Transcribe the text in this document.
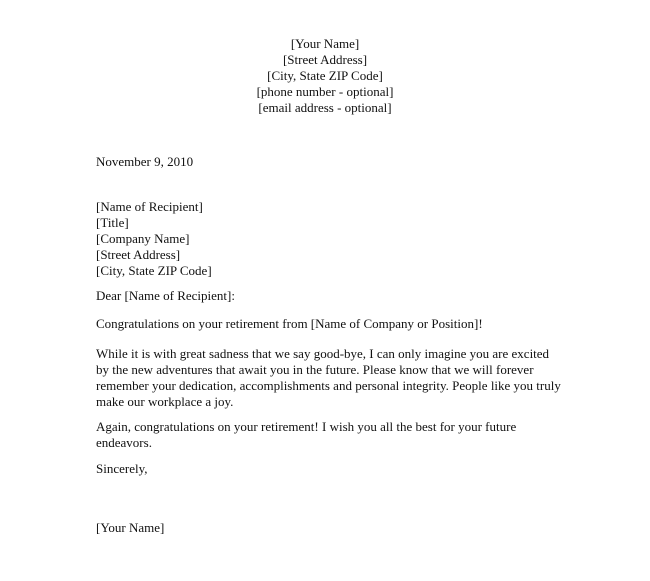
[Your Name]
[Street Address]
[City, State ZIP Code]
[phone number - optional]
[email address - optional]
November 9, 2010
[Name of Recipient]
[Title]
[Company Name]
[Street Address]
[City, State ZIP Code]
Dear [Name of Recipient]:
Congratulations on your retirement from [Name of Company or Position]!
While it is with great sadness that we say good-bye, I can only imagine you are excited
by the new adventures that await you in the future. Please know that we will forever
remember your dedication, accomplishments and personal integrity. People like you truly
make our workplace a joy.
Again, congratulations on your retirement! I wish you all the best for your future
endeavors.
Sincerely,
[Your Name]
